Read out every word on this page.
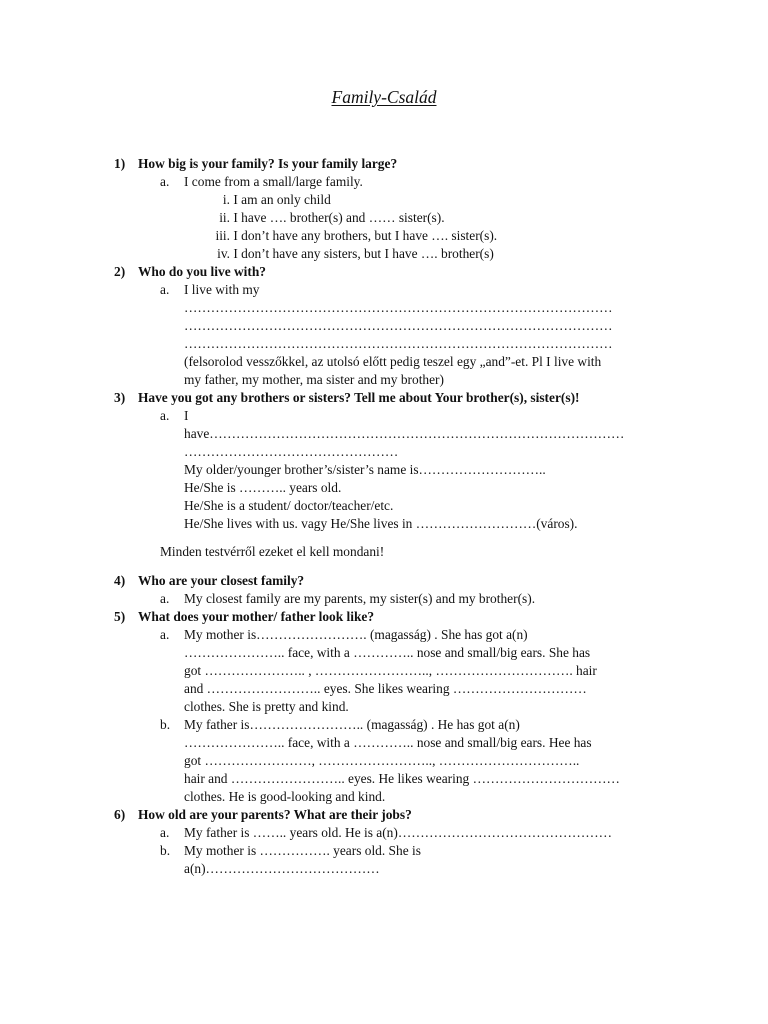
Family-Család
1) How big is your family? Is your family large?
a. I come from a small/large family.
i. I am an only child
ii. I have …. brother(s) and …… sister(s).
iii. I don’t have any brothers, but I have …. sister(s).
iv. I don’t have any sisters, but I have …. brother(s)
2) Who do you live with?
a. I live with my
……………………………………………………………………………………
……………………………………………………………………………………
……………………………………………………………………………………
(felsorolod vesszőkkel, az utolsó előtt pedig teszel egy „and”-et. Pl I live with
my father, my mother, ma sister and my brother)
3) Have you got any brothers or sisters? Tell me about Your brother(s), sister(s)!
a. I
have…………………………………………………………………………………
…………………………………………
My older/younger brother’s/sister’s name is………………………..
He/She is ……….. years old.
He/She is a student/ doctor/teacher/etc.
He/She lives with us. vagy He/She lives in ………………………(város).
Minden testvérről ezeket el kell mondani!
4) Who are your closest family?
a. My closest family are my parents, my sister(s) and my brother(s).
5) What does your mother/ father look like?
a. My mother is……………………. (magasság) . She has got a(n)
………………….. face, with a ………….. nose and small/big ears. She has
got ………………….. , …………………….., …………………………. hair
and …………………….. eyes. She likes wearing …………………………
clothes. She is pretty and kind.
b. My father is…………………….. (magasság) . He has got a(n)
………………….. face, with a ………….. nose and small/big ears. Hee has
got ……………………, …………………….., …………………………..
hair and …………………….. eyes. He likes wearing ……………………………
clothes. He is good-looking and kind.
6) How old are your parents? What are their jobs?
a. My father is …….. years old. He is a(n)…………………………………………
b. My mother is ……………. years old. She is
a(n)…………………………………
